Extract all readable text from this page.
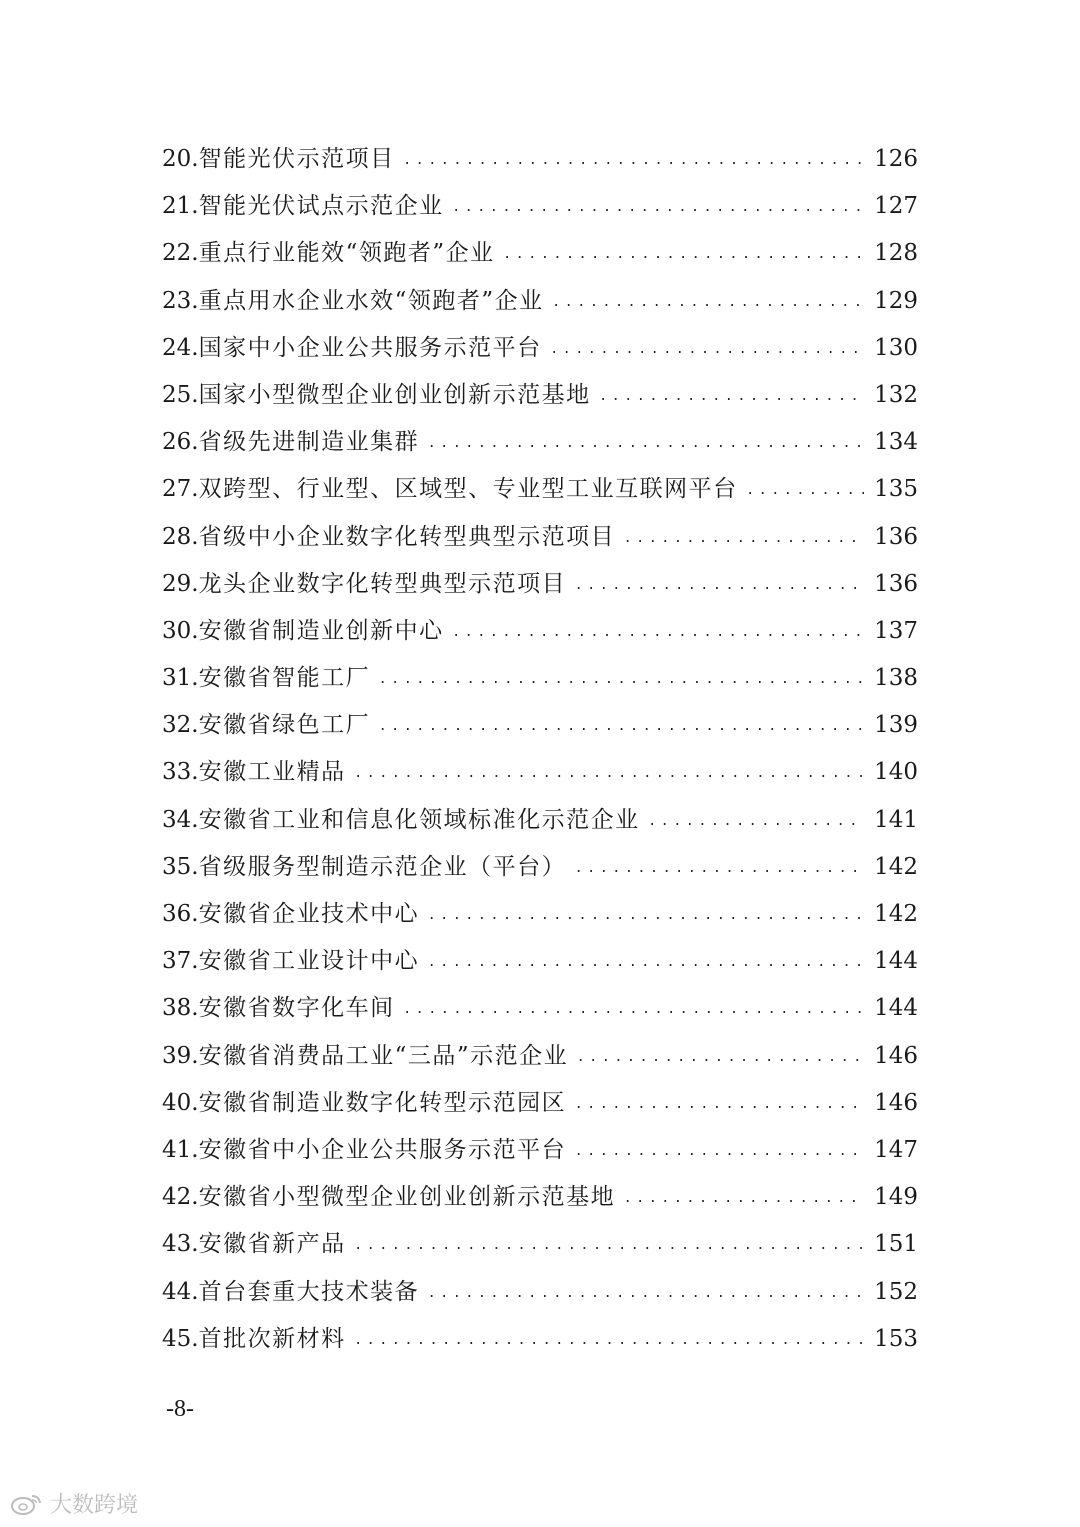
20. 智能光伏示范项目 . . .	126
21. 智能光伏试点示范企业 . . .	127
22. 重点行业能效“领跑者”企业 . . .	128
23. 重点用水企业水效“领跑者”企业 . . .	129
24. 国家中小企业公共服务示范平台 . . .	130
25. 国家小型微型企业创业创新示范基地 . . .	132
26. 省级先进制造业集群 . . .	134
27. 双跨型、行业型、区域型、专业型工业互联网平台 . . .	135
28. 省级中小企业数字化转型典型示范项目 . . .	136
29. 龙头企业数字化转型典型示范项目 . . .	136
30. 安徽省制造业创新中心 . . .	137
31. 安徽省智能工厂 . . .	138
32. 安徽省绿色工厂 . . .	139
33. 安徽工业精品 . . .	140
34. 安徽省工业和信息化领域标准化示范企业 . . .	141
35. 省级服务型制造示范企业（平台） . . .	142
36. 安徽省企业技术中心 . . .	142
37. 安徽省工业设计中心 . . .	144
38. 安徽省数字化车间 . . .	144
39. 安徽省消费品工业“三品”示范企业 . . .	146
40. 安徽省制造业数字化转型示范园区 . . .	146
41. 安徽省中小企业公共服务示范平台 . . .	147
42. 安徽省小型微型企业创业创新示范基地 . . .	149
43. 安徽省新产品 . . .	151
44. 首台套重大技术装备 . . .	152
45. 首批次新材料 . . .	153
-8-
大数跨境
